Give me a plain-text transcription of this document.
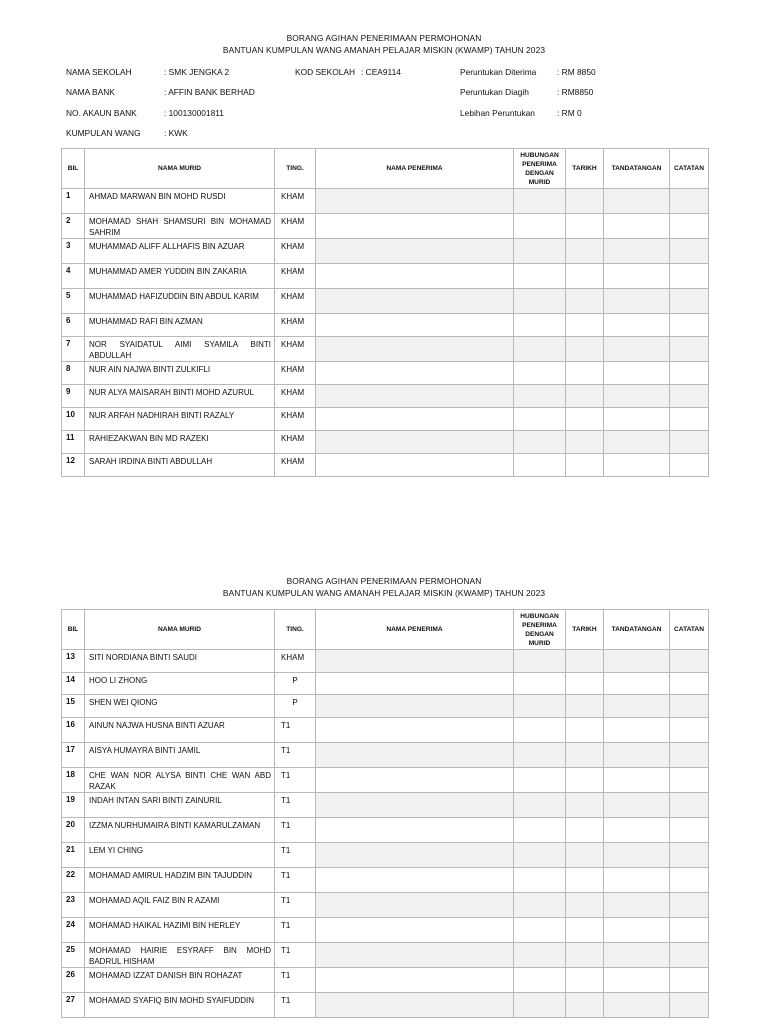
BORANG AGIHAN PENERIMAAN PERMOHONAN
BANTUAN KUMPULAN WANG AMANAH PELAJAR MISKIN (KWAMP) TAHUN 2023
NAMA SEKOLAH	: SMK JENGKA 2	KOD SEKOLAH : CEA9114	Peruntukan Diterima : RM 8850
NAMA BANK	: AFFIN BANK BERHAD	Peruntukan Diagih	: RM8850
NO. AKAUN BANK	: 100130001811	Lebihan Peruntukan	: RM 0
KUMPULAN WANG	: KWK
BIL	NAMA MURID	TING.	NAMA PENERIMA	HUBUNGAN PENERIMA DENGAN MURID	TARIKH	TANDATANGAN	CATATAN
1	AHMAD MARWAN BIN MOHD RUSDI	KHAM					
2	MOHAMAD SHAH SHAMSURI BIN MOHAMAD SAHRIM	KHAM					
3	MUHAMMAD ALIFF ALLHAFIS BIN AZUAR	KHAM					
4	MUHAMMAD AMER YUDDIN BIN ZAKARIA	KHAM					
5	MUHAMMAD HAFIZUDDIN BIN ABDUL KARIM	KHAM					
6	MUHAMMAD RAFI BIN AZMAN	KHAM					
7	NOR SYAIDATUL AIMI SYAMILA BINTI ABDULLAH	KHAM					
8	NUR AIN NAJWA BINTI ZULKIFLI	KHAM					
9	NUR ALYA MAISARAH BINTI MOHD AZURUL	KHAM					
10	NUR ARFAH NADHIRAH BINTI RAZALY	KHAM					
11	RAHIEZAKWAN BIN MD RAZEKI	KHAM					
12	SARAH IRDINA BINTI ABDULLAH	KHAM					
BORANG AGIHAN PENERIMAAN PERMOHONAN
BANTUAN KUMPULAN WANG AMANAH PELAJAR MISKIN (KWAMP) TAHUN 2023
BIL	NAMA MURID	TING.	NAMA PENERIMA	HUBUNGAN PENERIMA DENGAN MURID	TARIKH	TANDATANGAN	CATATAN
13	SITI NORDIANA BINTI SAUDI	KHAM					
14	HOO LI ZHONG	P					
15	SHEN WEI QIONG	P					
16	AINUN NAJWA HUSNA BINTI AZUAR	T1					
17	AISYA HUMAYRA BINTI JAMIL	T1					
18	CHE WAN NOR ALYSA BINTI CHE WAN ABD RAZAK	T1					
19	INDAH INTAN SARI BINTI ZAINURIL	T1					
20	IZZMA NURHUMAIRA BINTI KAMARULZAMAN	T1					
21	LEM YI CHING	T1					
22	MOHAMAD AMIRUL HADZIM BIN TAJUDDIN	T1					
23	MOHAMAD AQIL FAIZ BIN R AZAMI	T1					
24	MOHAMAD HAIKAL HAZIMI BIN HERLEY	T1					
25	MOHAMAD HAIRIE ESYRAFF BIN MOHD BADRUL HISHAM	T1					
26	MOHAMAD IZZAT DANISH BIN ROHAZAT	T1					
27	MOHAMAD SYAFIQ BIN MOHD SYAIFUDDIN	T1					
